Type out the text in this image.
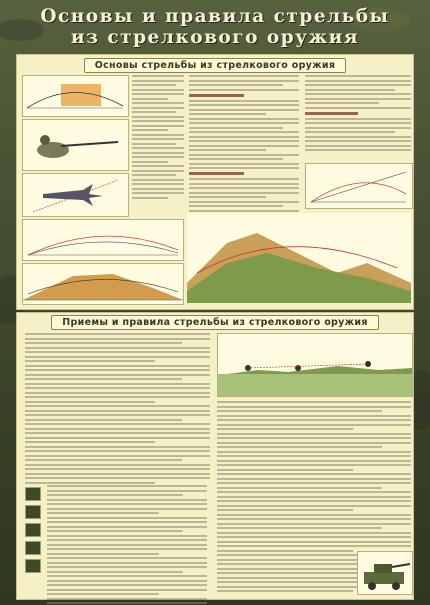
Основы и правила стрельбы
из стрелкового оружия
Основы стрельбы из стрелкового оружия
Приемы и правила стрельбы из стрелкового оружия
